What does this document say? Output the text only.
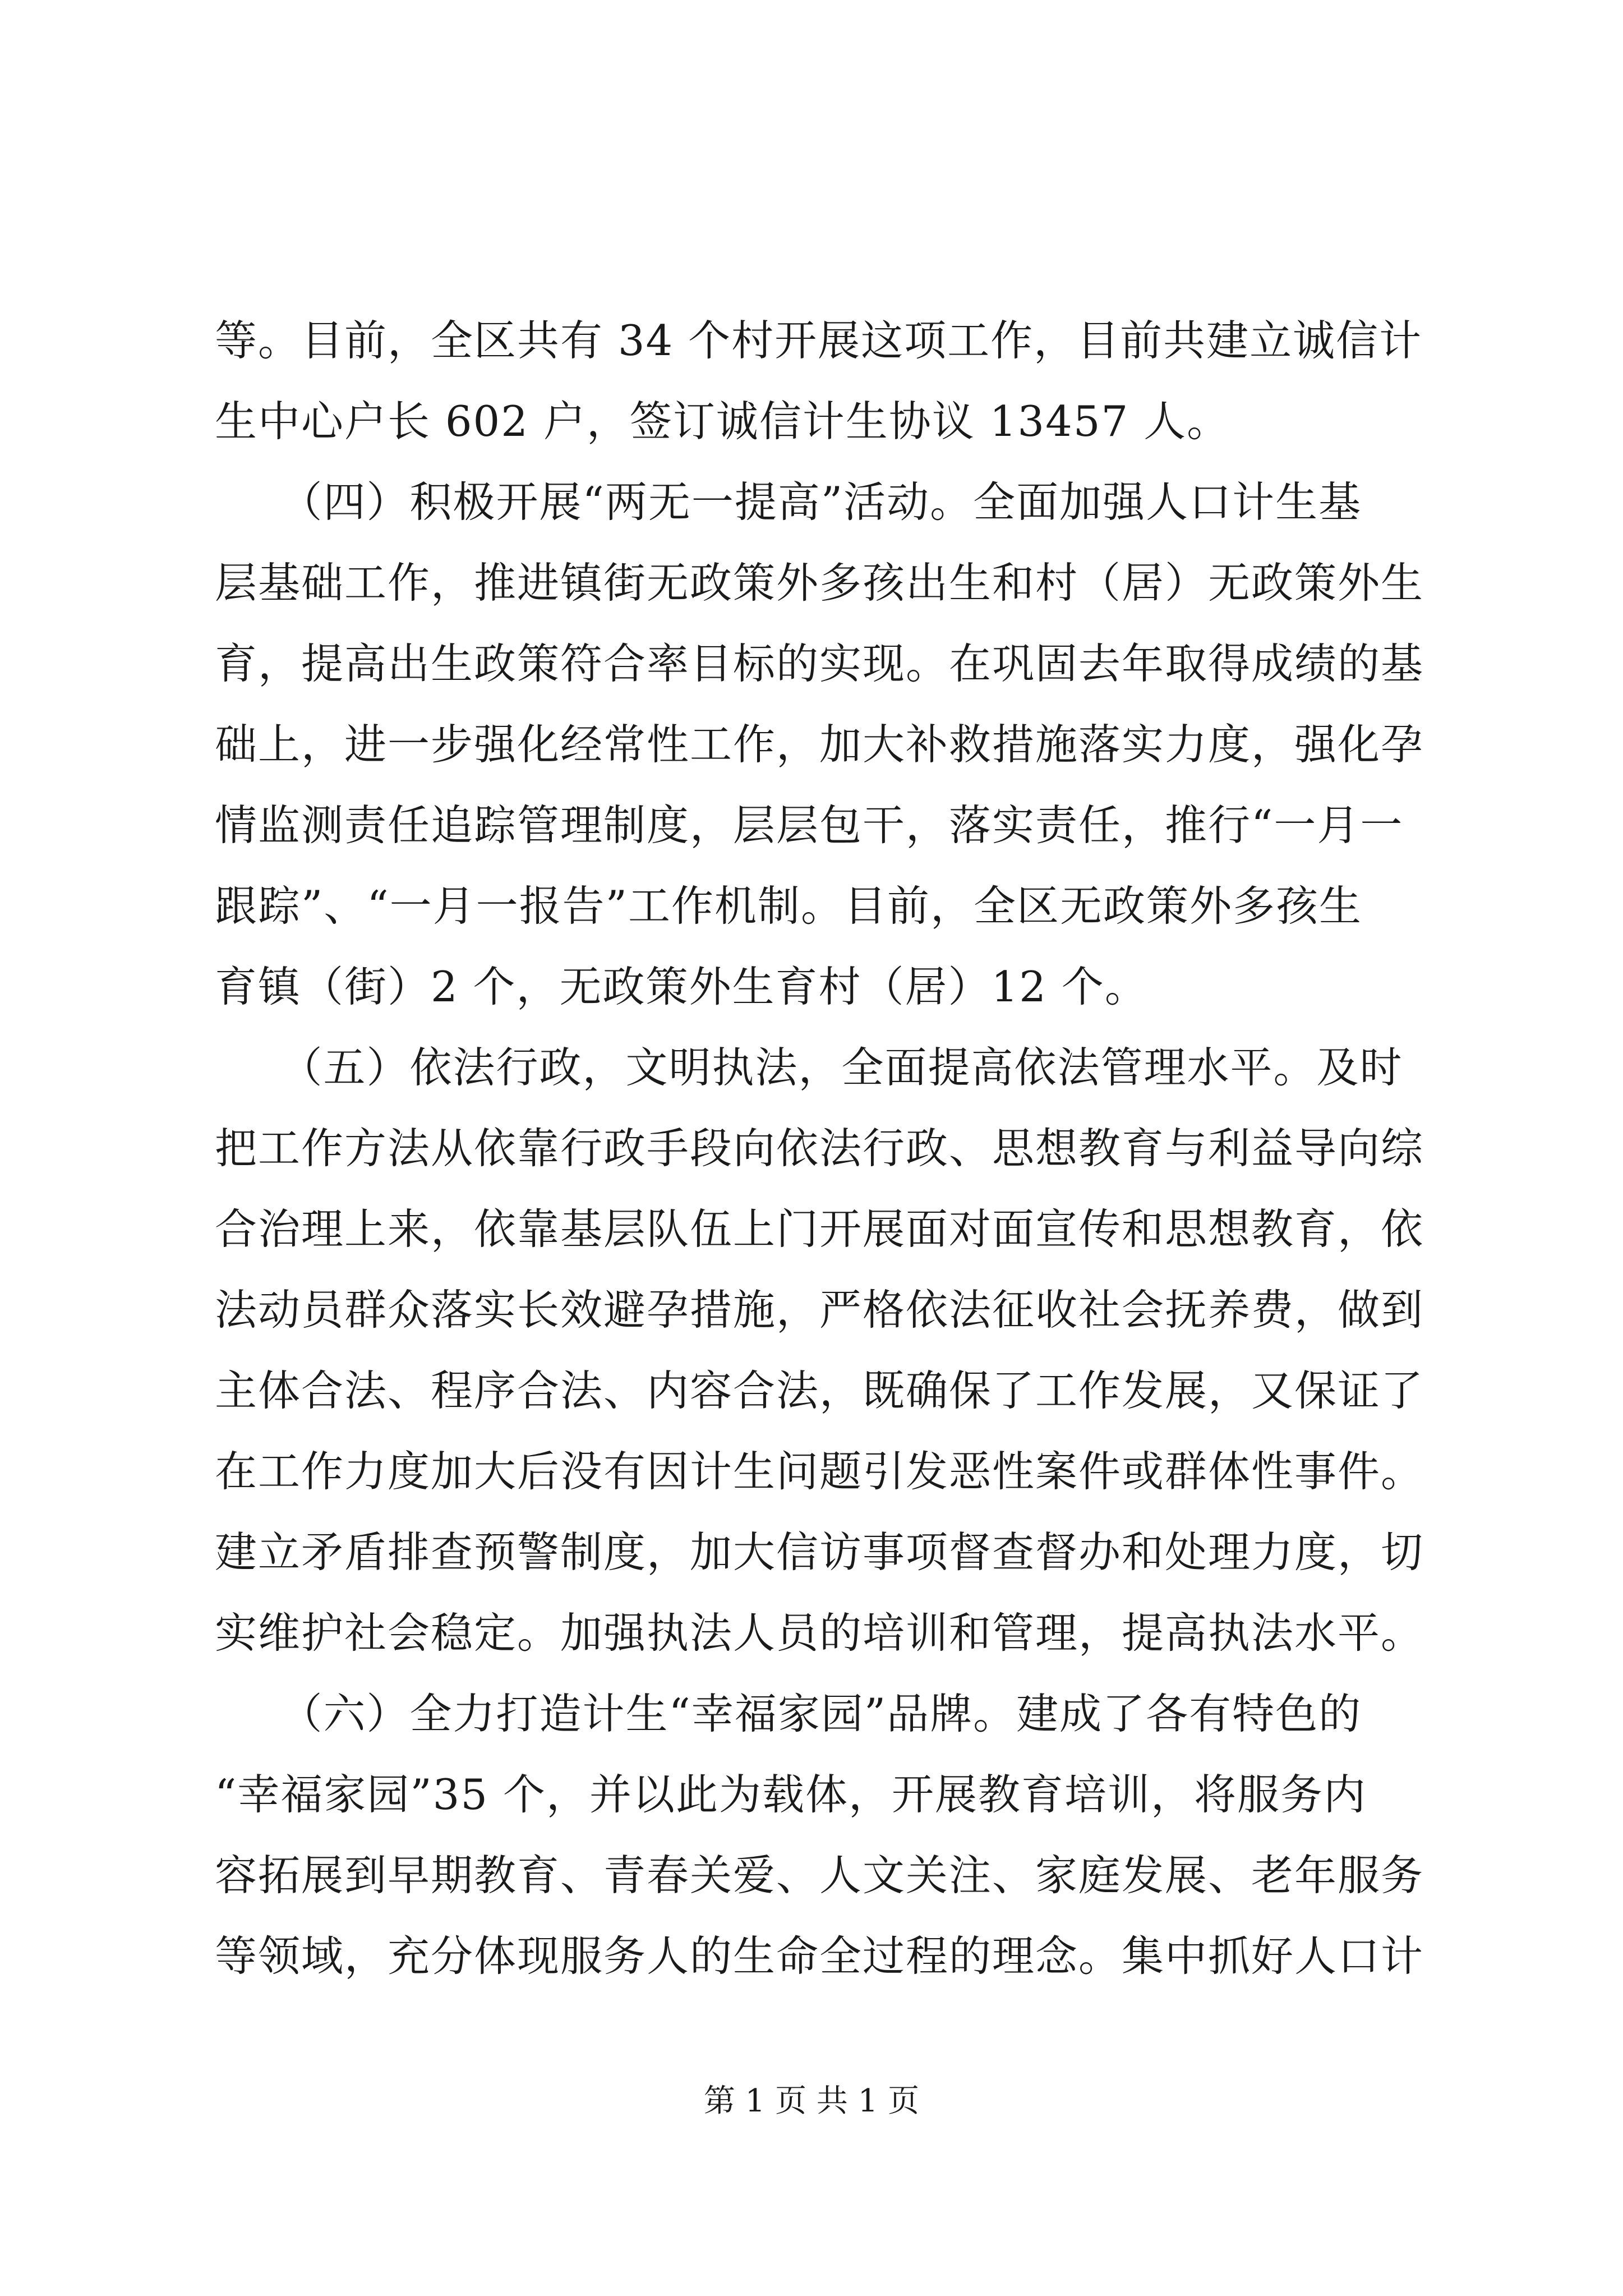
等。目前，全区共有 34 个村开展这项工作，目前共建立诚信计
生中心户长 602 户，签订诚信计生协议 13457 人。
　　（四）积极开展“两无一提高”活动。全面加强人口计生基
层基础工作，推进镇街无政策外多孩出生和村（居）无政策外生
育，提高出生政策符合率目标的实现。在巩固去年取得成绩的基
础上，进一步强化经常性工作，加大补救措施落实力度，强化孕
情监测责任追踪管理制度，层层包干，落实责任，推行“一月一
跟踪”、“一月一报告”工作机制。目前，全区无政策外多孩生
育镇（街）2 个，无政策外生育村（居）12 个。
　　（五）依法行政，文明执法，全面提高依法管理水平。及时
把工作方法从依靠行政手段向依法行政、思想教育与利益导向综
合治理上来，依靠基层队伍上门开展面对面宣传和思想教育，依
法动员群众落实长效避孕措施，严格依法征收社会抚养费，做到
主体合法、程序合法、内容合法，既确保了工作发展，又保证了
在工作力度加大后没有因计生问题引发恶性案件或群体性事件。
建立矛盾排查预警制度，加大信访事项督查督办和处理力度，切
实维护社会稳定。加强执法人员的培训和管理，提高执法水平。
　　（六）全力打造计生“幸福家园”品牌。建成了各有特色的
“幸福家园”35 个，并以此为载体，开展教育培训，将服务内
容拓展到早期教育、青春关爱、人文关注、家庭发展、老年服务
等领域，充分体现服务人的生命全过程的理念。集中抓好人口计
第 1 页 共 1 页
